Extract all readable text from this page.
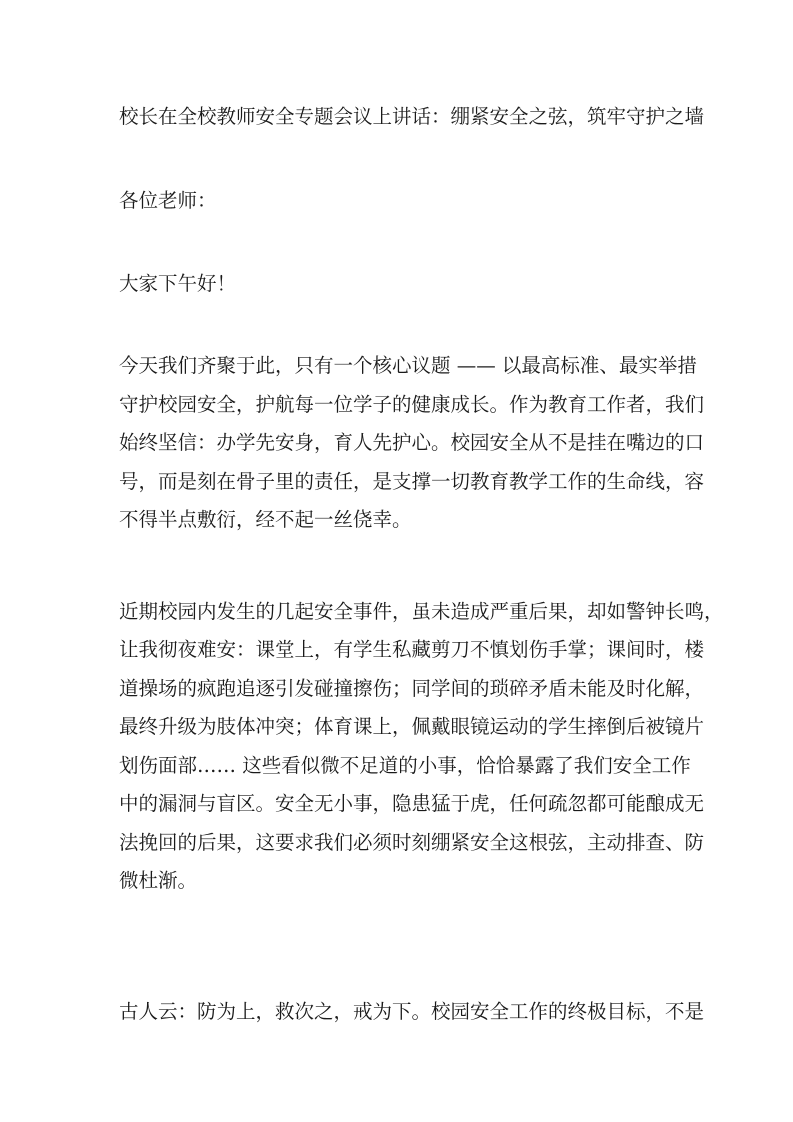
校长在全校教师安全专题会议上讲话：绷紧安全之弦，筑牢守护之墙
各位老师：
大家下午好！
今天我们齐聚于此，只有一个核心议题 —— 以最高标准、最实举措
守护校园安全，护航每一位学子的健康成长。作为教育工作者，我们
始终坚信：办学先安身，育人先护心。校园安全从不是挂在嘴边的口
号，而是刻在骨子里的责任，是支撑一切教育教学工作的生命线，容
不得半点敷衍，经不起一丝侥幸。
近期校园内发生的几起安全事件，虽未造成严重后果，却如警钟长鸣，
让我彻夜难安：课堂上，有学生私藏剪刀不慎划伤手掌；课间时，楼
道操场的疯跑追逐引发碰撞擦伤；同学间的琐碎矛盾未能及时化解，
最终升级为肢体冲突；体育课上，佩戴眼镜运动的学生摔倒后被镜片
划伤面部…… 这些看似微不足道的小事，恰恰暴露了我们安全工作
中的漏洞与盲区。安全无小事，隐患猛于虎，任何疏忽都可能酿成无
法挽回的后果，这要求我们必须时刻绷紧安全这根弦，主动排查、防
微杜渐。
古人云：防为上，救次之，戒为下。校园安全工作的终极目标，不是
